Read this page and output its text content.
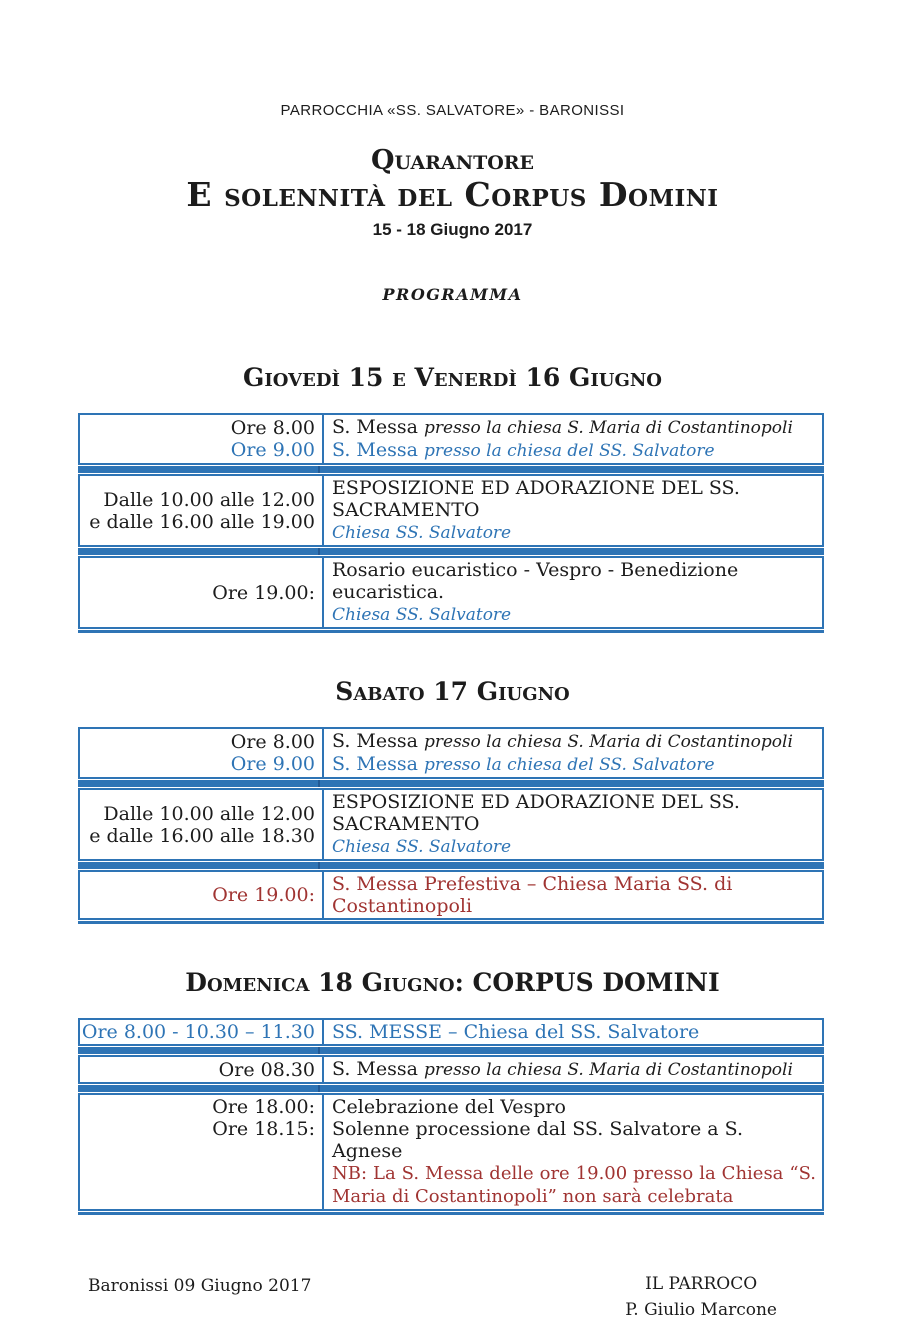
PARROCCHIA «SS. SALVATORE» - BARONISSI
Quarantore
E solennità del Corpus Domini
15 - 18 Giugno 2017
PROGRAMMA
Giovedì 15 e Venerdì 16 Giugno
Ore 8.00
Ore 9.00
S. Messa presso la chiesa S. Maria di Costantinopoli
S. Messa presso la chiesa del SS. Salvatore
Dalle 10.00 alle 12.00
e dalle 16.00 alle 19.00
ESPOSIZIONE ED ADORAZIONE DEL SS. SACRAMENTO
Chiesa SS. Salvatore
Ore 19.00:
Rosario eucaristico - Vespro - Benedizione eucaristica.
Chiesa SS. Salvatore
Sabato 17 Giugno
Ore 8.00
Ore 9.00
S. Messa presso la chiesa S. Maria di Costantinopoli
S. Messa presso la chiesa del SS. Salvatore
Dalle 10.00 alle 12.00
e dalle 16.00 alle 18.30
ESPOSIZIONE ED ADORAZIONE DEL SS. SACRAMENTO
Chiesa SS. Salvatore
Ore 19.00: S. Messa Prefestiva – Chiesa Maria SS. di Costantinopoli
Domenica 18 Giugno: CORPUS DOMINI
Ore 8.00 - 10.30 – 11.30 SS. MESSE – Chiesa del SS. Salvatore
Ore 08.30 S. Messa presso la chiesa S. Maria di Costantinopoli
Ore 18.00:
Ore 18.15:
Celebrazione del Vespro
Solenne processione dal SS. Salvatore a S. Agnese
NB: La S. Messa delle ore 19.00 presso la Chiesa “S. Maria di Costantinopoli” non sarà celebrata
Baronissi 09 Giugno 2017	IL PARROCO
P. Giulio Marcone
